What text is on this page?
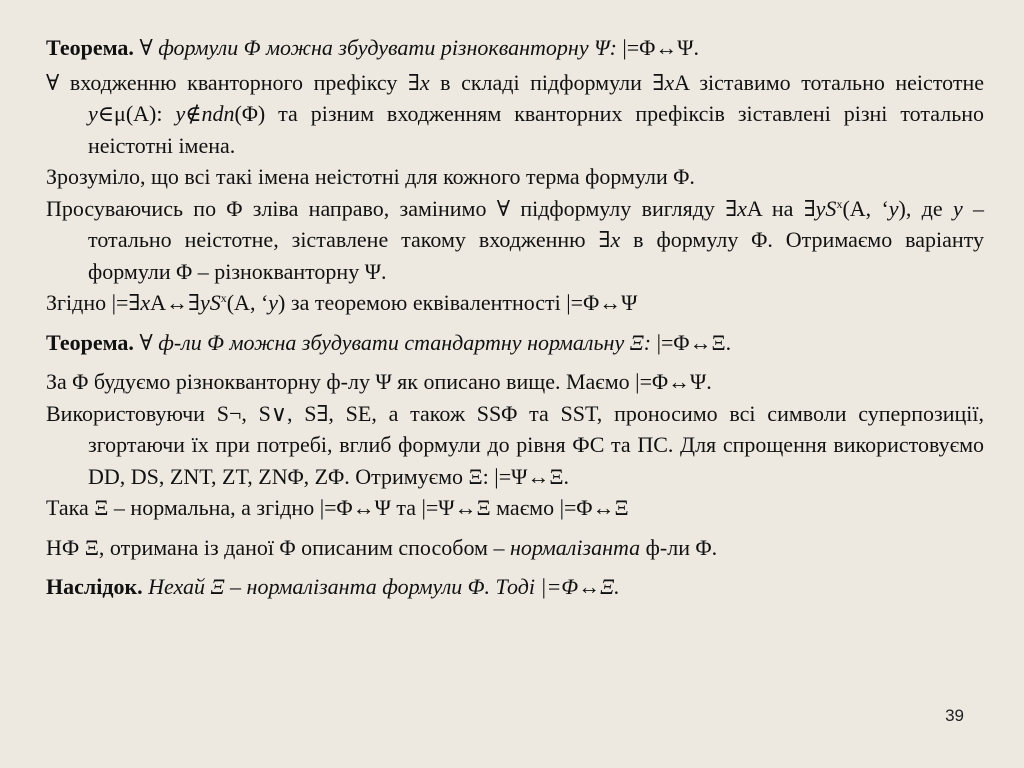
Теорема. ∀ формули Φ можна збудувати різнокванторну Ψ: |=Φ↔Ψ.

∀ входженню кванторного префіксу ∃x в складі підформули ∃xA зіставимо тотально неістотне y∈μ(A): y∉ndn(Φ) та різним входженням кванторних префіксів зіставлені різні тотально неістотні імена.

Зрозуміло, що всі такі імена неістотні для кожного терма формули Φ.

Просуваючись по Φ зліва направо, замінимо ∀ підформулу вигляду ∃xA на $\exists yS^x(A$, ‘y), де y – тотально неістотне, зіставлене такому входженню ∃x в формулу Φ. Отримаємо варіанту формули Φ – різнокванторну Ψ.

Згідно $|=\exists xA\leftrightarrow\exists yS^x(A$, ‘y) за теоремою еквівалентності |=Φ↔Ψ

Теорема. ∀ ф-ли Φ можна збудувати стандартну нормальну Ξ: |=Φ↔Ξ.

За Φ будуємо різнокванторну ф-лу Ψ як описано вище. Маємо |=Φ↔Ψ.

Використовуючи S¬, S∨, S∃, SE, а також SSΦ та SST, проносимо всі символи суперпозиції, згортаючи їх при потребі, вглиб формули до рівня ФС та ПС. Для спрощення використовуємо DD, DS, ZNT, ZT, ZNΦ, ZΦ. Отримуємо Ξ: |=Ψ↔Ξ.

Така Ξ – нормальна, а згідно |=Φ↔Ψ та |=Ψ↔Ξ маємо |=Φ↔Ξ

НФ Ξ, отримана із даної Φ описаним способом – нормалізанта ф-ли Φ.

Наслідок. Нехай Ξ – нормалізанта формули Φ. Тоді |=Φ↔Ξ.

39
